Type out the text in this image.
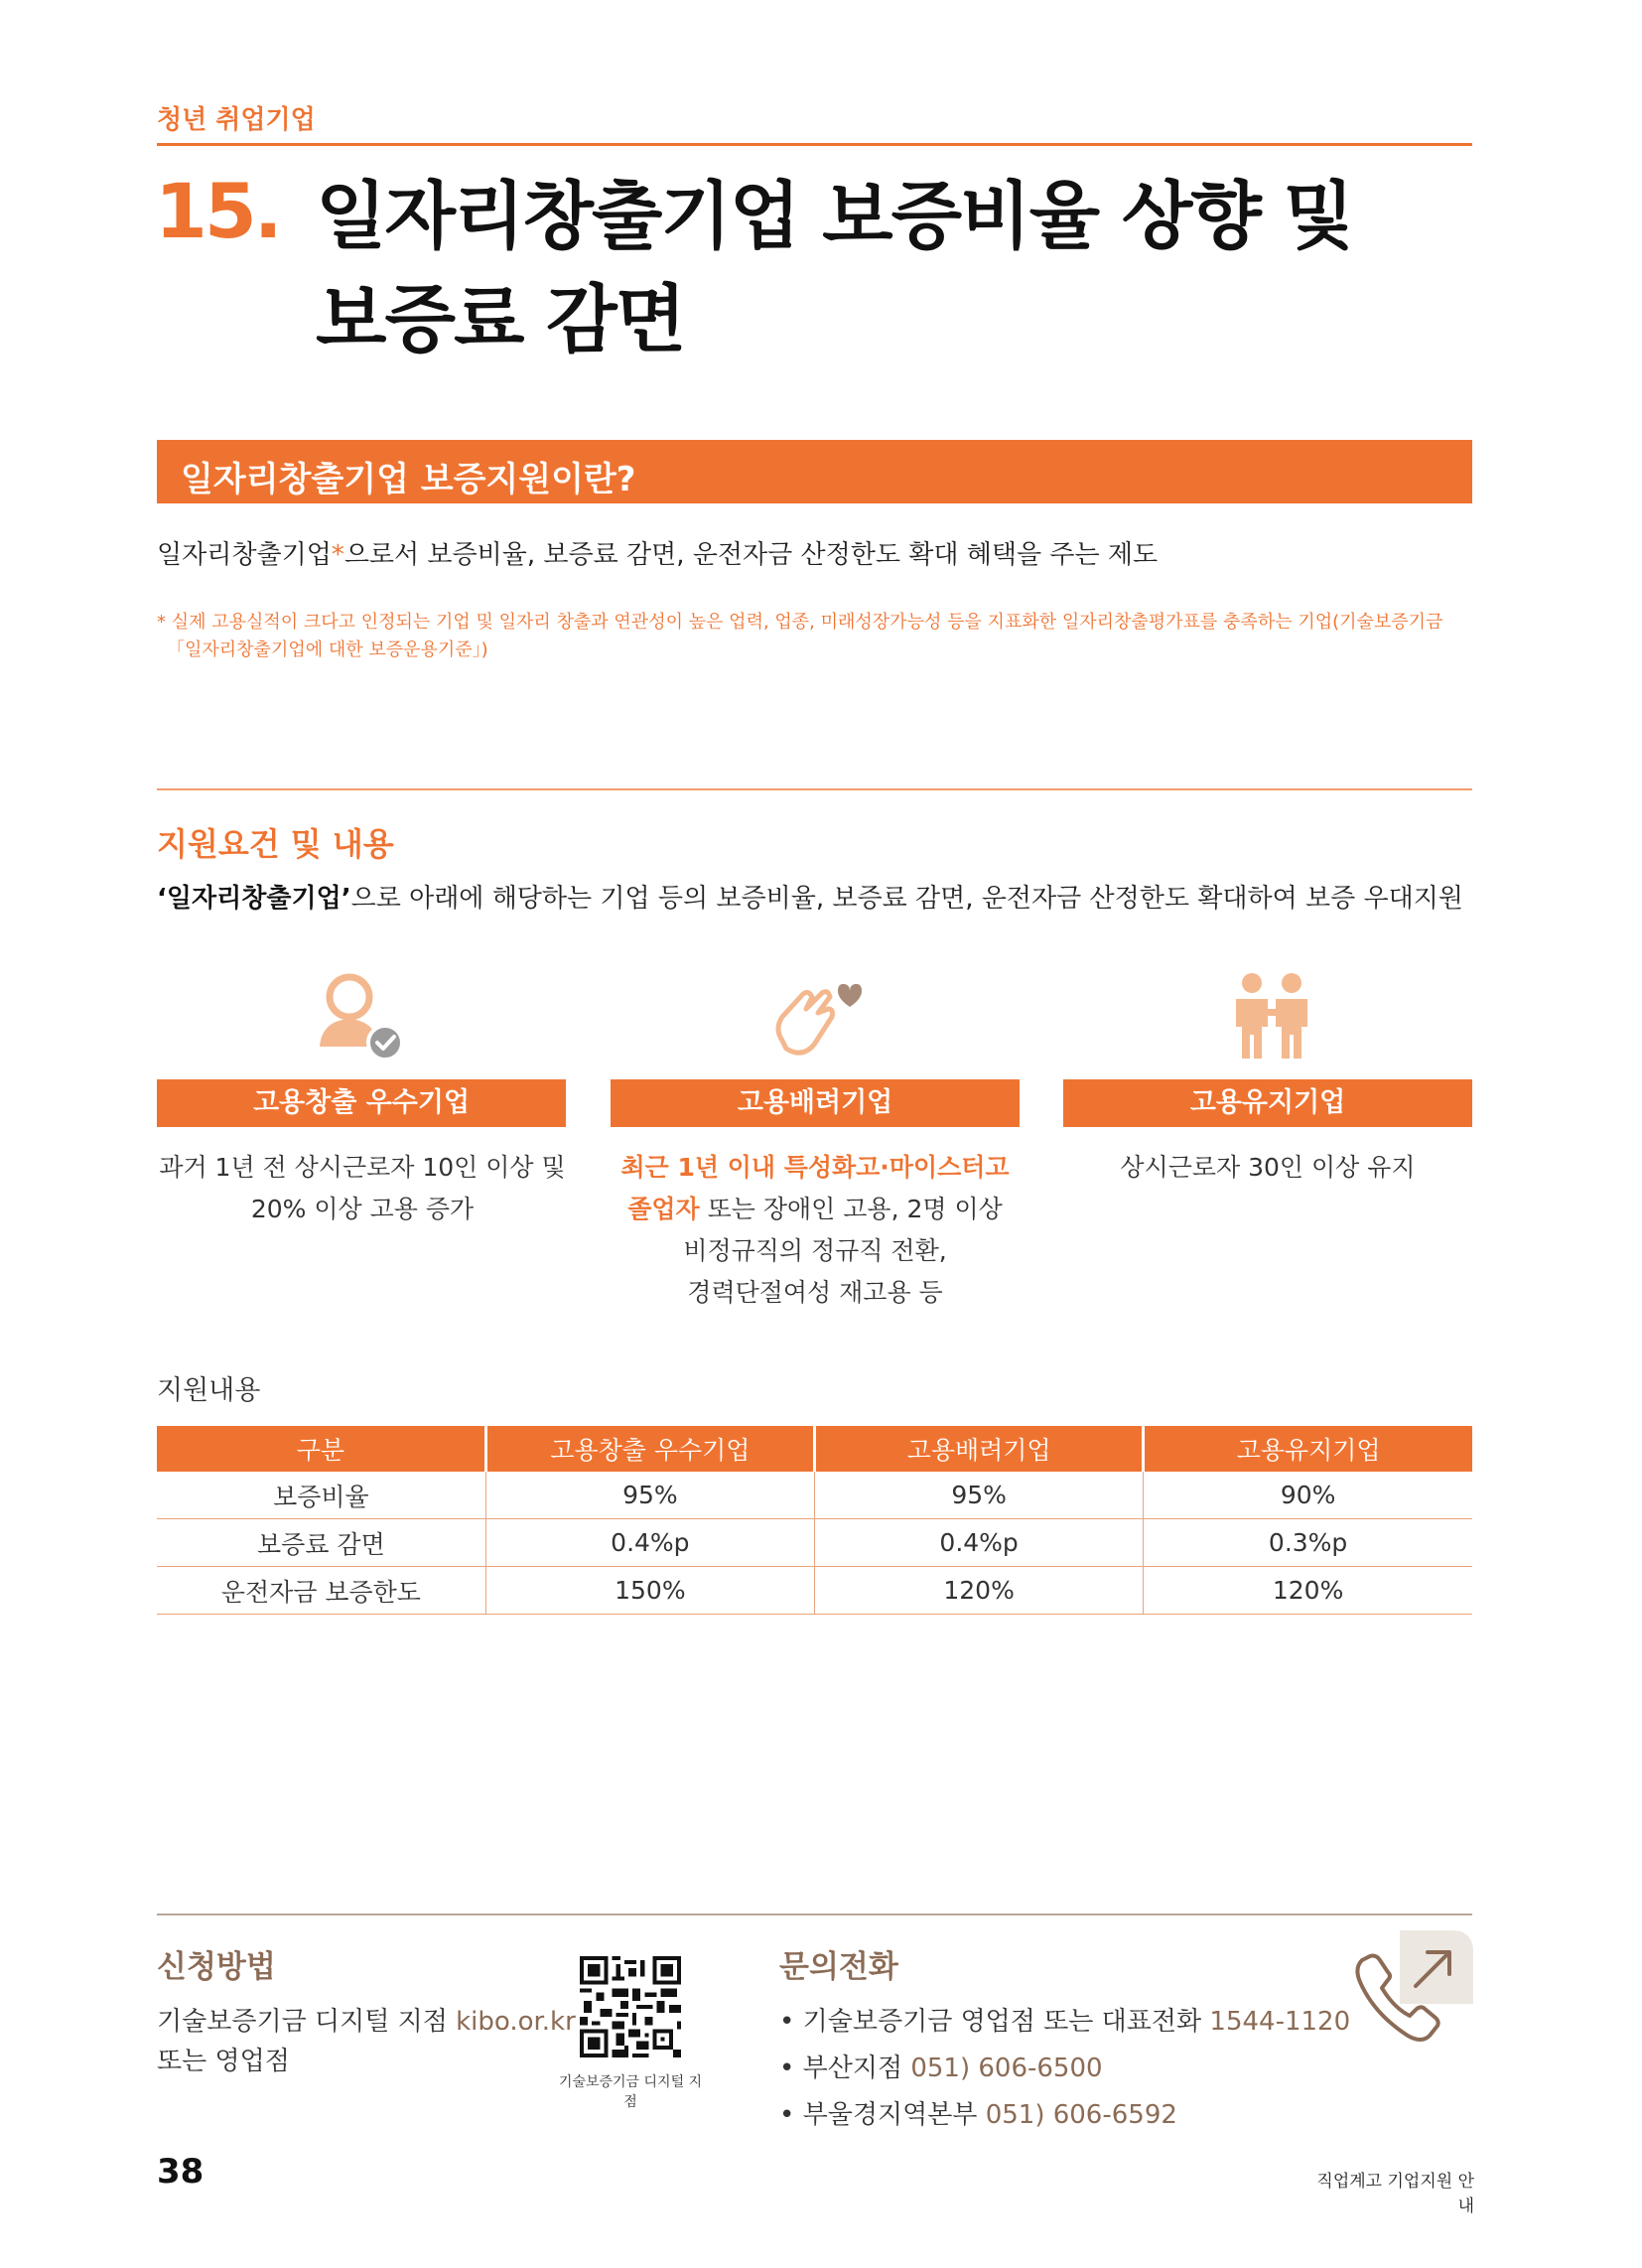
청년 취업기업
15. 일자리창출기업 보증비율 상향 및
보증료 감면
일자리창출기업 보증지원이란?
일자리창출기업*으로서 보증비율, 보증료 감면, 운전자금 산정한도 확대 혜택을 주는 제도
* 실제 고용실적이 크다고 인정되는 기업 및 일자리 창출과 연관성이 높은 업력, 업종, 미래성장가능성 등을 지표화한 일자리창출평가표를 충족하는 기업(기술보증기금
「일자리창출기업에 대한 보증운용기준」)
지원요건 및 내용
‘일자리창출기업’으로 아래에 해당하는 기업 등의 보증비율, 보증료 감면, 운전자금 산정한도 확대하여 보증 우대지원
고용창출 우수기업	고용배려기업	고용유지기업
과거 1년 전 상시근로자 10인 이상 및
20% 이상 고용 증가
최근 1년 이내 특성화고·마이스터고
졸업자 또는 장애인 고용, 2명 이상
비정규직의 정규직 전환,
경력단절여성 재고용 등
상시근로자 30인 이상 유지
지원내용
구분	고용창출 우수기업	고용배려기업	고용유지기업
보증비율	95%	95%	90%
보증료 감면	0.4%p	0.4%p	0.3%p
운전자금 보증한도	150%	120%	120%
신청방법
기술보증기금 디지털 지점 kibo.or.kr
또는 영업점
기술보증기금 디지털 지점
문의전화
• 기술보증기금 영업점 또는 대표전화 1544-1120
• 부산지점 051) 606-6500
• 부울경지역본부 051) 606-6592
38	직업계고 기업지원 안내
